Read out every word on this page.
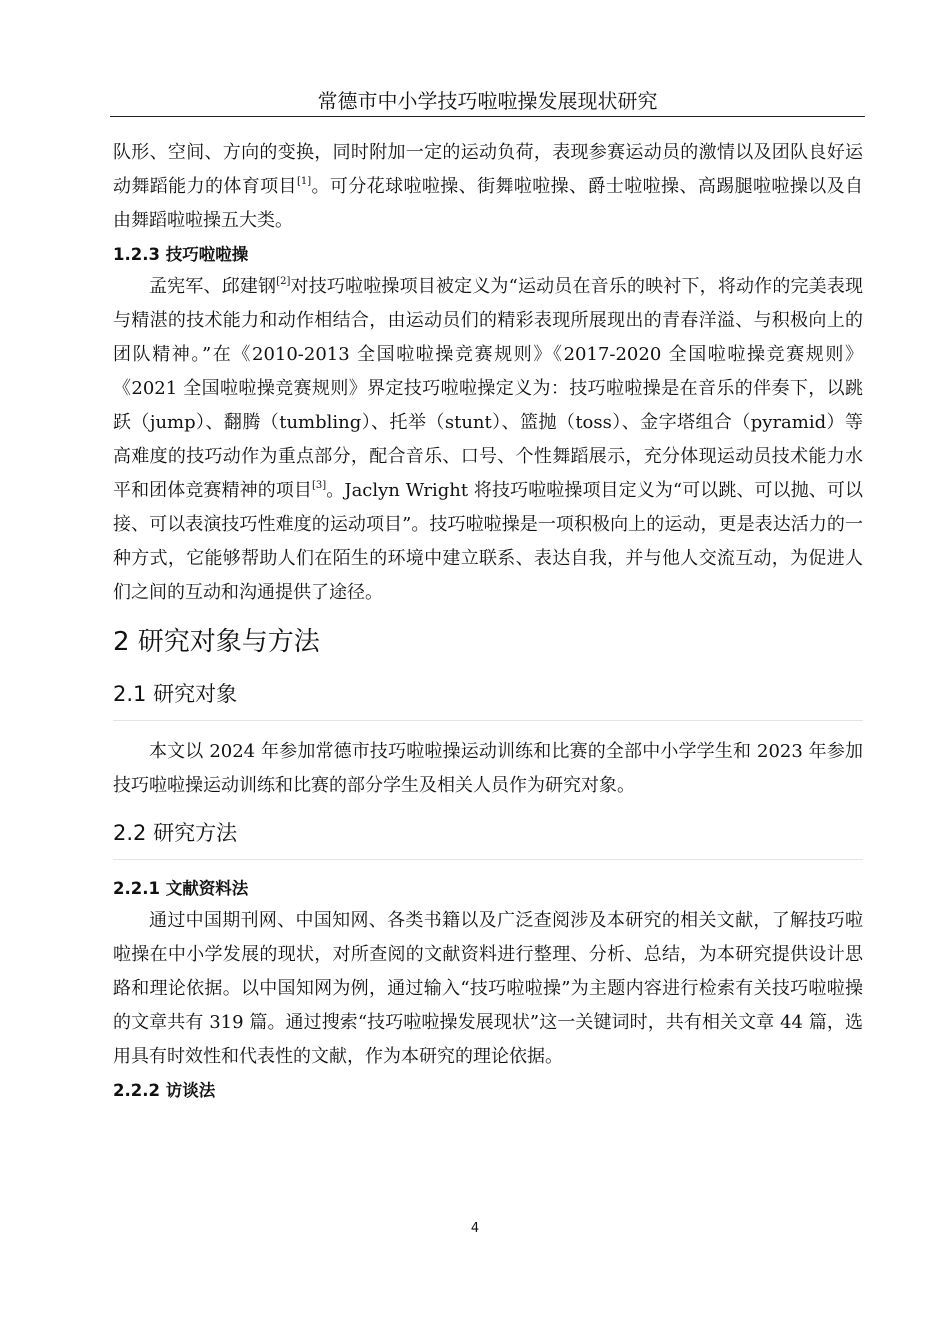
常德市中小学技巧啦啦操发展现状研究

队形、空间、方向的变换，同时附加一定的运动负荷，表现参赛运动员的激情以及团队良好运动舞蹈能力的体育项目[1]。可分花球啦啦操、街舞啦啦操、爵士啦啦操、高踢腿啦啦操以及自由舞蹈啦啦操五大类。

1.2.3 技巧啦啦操

孟宪军、邱建钢[2]对技巧啦啦操项目被定义为“运动员在音乐的映衬下，将动作的完美表现与精湛的技术能力和动作相结合，由运动员们的精彩表现所展现出的青春洋溢、与积极向上的团队精神。”在《2010-2013 全国啦啦操竞赛规则》《2017-2020 全国啦啦操竞赛规则》《2021 全国啦啦操竞赛规则》界定技巧啦啦操定义为：技巧啦啦操是在音乐的伴奏下，以跳跃（jump）、翻腾（tumbling）、托举（stunt）、篮抛（toss）、金字塔组合（pyramid）等高难度的技巧动作为重点部分，配合音乐、口号、个性舞蹈展示，充分体现运动员技术能力水平和团体竞赛精神的项目[3]。Jaclyn Wright 将技巧啦啦操项目定义为“可以跳、可以抛、可以接、可以表演技巧性难度的运动项目”。技巧啦啦操是一项积极向上的运动，更是表达活力的一种方式，它能够帮助人们在陌生的环境中建立联系、表达自我，并与他人交流互动，为促进人们之间的互动和沟通提供了途径。

2 研究对象与方法
2.1 研究对象

本文以 2024 年参加常德市技巧啦啦操运动训练和比赛的全部中小学学生和 2023 年参加技巧啦啦操运动训练和比赛的部分学生及相关人员作为研究对象。

2.2 研究方法
2.2.1 文献资料法

通过中国期刊网、中国知网、各类书籍以及广泛查阅涉及本研究的相关文献，了解技巧啦啦操在中小学发展的现状，对所查阅的文献资料进行整理、分析、总结，为本研究提供设计思路和理论依据。以中国知网为例，通过输入“技巧啦啦操”为主题内容进行检索有关技巧啦啦操的文章共有 319 篇。通过搜索“技巧啦啦操发展现状”这一关键词时，共有相关文章 44 篇，选用具有时效性和代表性的文献，作为本研究的理论依据。

2.2.2 访谈法
4
